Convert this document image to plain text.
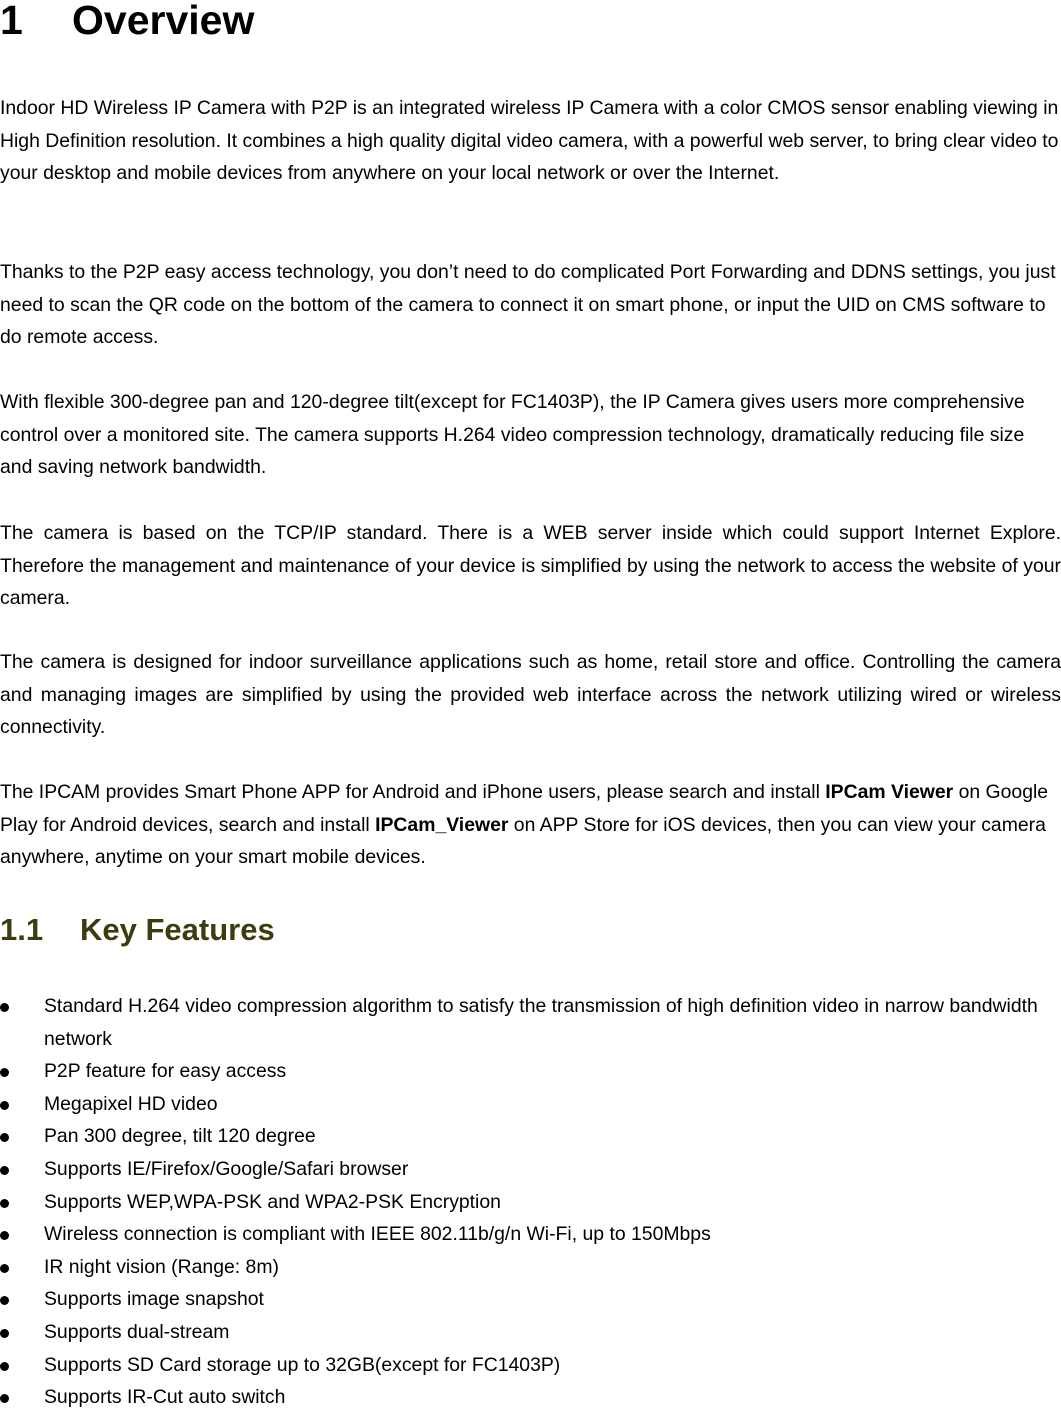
1 Overview

Indoor HD Wireless IP Camera with P2P is an integrated wireless IP Camera with a color CMOS sensor enabling viewing in High Definition resolution. It combines a high quality digital video camera, with a powerful web server, to bring clear video to your desktop and mobile devices from anywhere on your local network or over the Internet.

Thanks to the P2P easy access technology, you don’t need to do complicated Port Forwarding and DDNS settings, you just need to scan the QR code on the bottom of the camera to connect it on smart phone, or input the UID on CMS software to do remote access.

With flexible 300-degree pan and 120-degree tilt(except for FC1403P), the IP Camera gives users more comprehensive control over a monitored site. The camera supports H.264 video compression technology, dramatically reducing file size and saving network bandwidth.

The camera is based on the TCP/IP standard. There is a WEB server inside which could support Internet Explore. Therefore the management and maintenance of your device is simplified by using the network to access the website of your camera.

The camera is designed for indoor surveillance applications such as home, retail store and office. Controlling the camera and managing images are simplified by using the provided web interface across the network utilizing wired or wireless connectivity.

The IPCAM provides Smart Phone APP for Android and iPhone users, please search and install IPCam Viewer on Google Play for Android devices, search and install IPCam_Viewer on APP Store for iOS devices, then you can view your camera anywhere, anytime on your smart mobile devices.

1.1 Key Features
Standard H.264 video compression algorithm to satisfy the transmission of high definition video in narrow bandwidth network
P2P feature for easy access
Megapixel HD video
Pan 300 degree, tilt 120 degree
Supports IE/Firefox/Google/Safari browser
Supports WEP,WPA-PSK and WPA2-PSK Encryption
Wireless connection is compliant with IEEE 802.11b/g/n Wi-Fi, up to 150Mbps
IR night vision (Range: 8m)
Supports image snapshot
Supports dual-stream
Supports SD Card storage up to 32GB(except for FC1403P)
Supports IR-Cut auto switch
